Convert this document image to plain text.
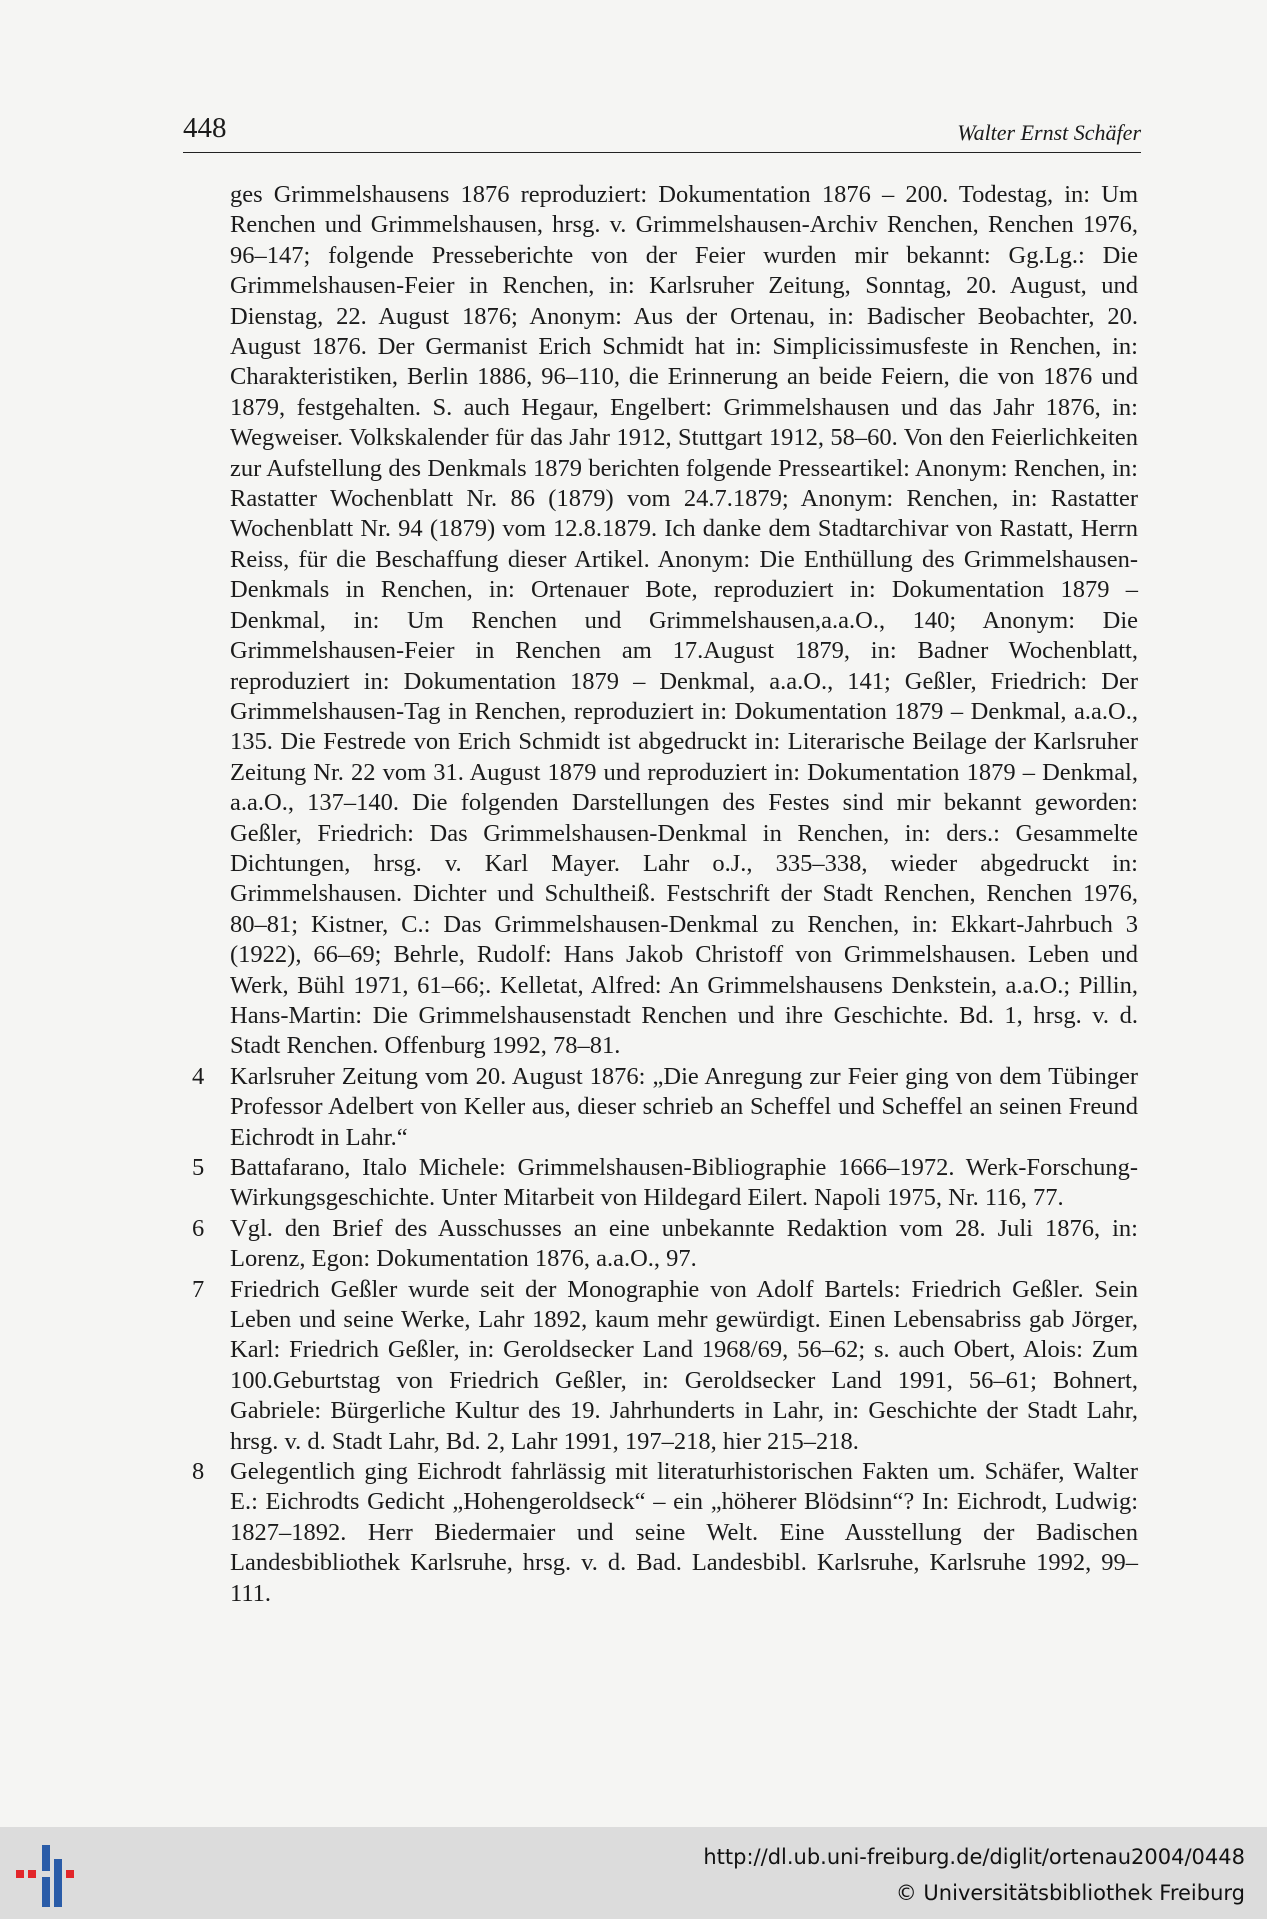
448	Walter Ernst Schäfer

ges Grimmelshausens 1876 reproduziert: Dokumentation 1876 – 200. Todestag, in: Um Renchen und Grimmelshausen, hrsg. v. Grimmelshausen-Archiv Renchen, Renchen 1976, 96–147; folgende Presseberichte von der Feier wurden mir bekannt: Gg.Lg.: Die Grimmelshausen-Feier in Renchen, in: Karlsruher Zeitung, Sonntag, 20. August, und Dienstag, 22. August 1876; Anonym: Aus der Ortenau, in: Badischer Beobachter, 20. August 1876. Der Germanist Erich Schmidt hat in: Simplicissimusfeste in Renchen, in: Charakteristiken, Berlin 1886, 96–110, die Erinnerung an beide Feiern, die von 1876 und 1879, festgehalten. S. auch Hegaur, Engelbert: Grimmelshausen und das Jahr 1876, in: Wegweiser. Volkskalender für das Jahr 1912, Stuttgart 1912, 58–60. Von den Feierlichkeiten zur Aufstellung des Denkmals 1879 berichten folgende Presseartikel: Anonym: Renchen, in: Rastatter Wochenblatt Nr. 86 (1879) vom 24.7.1879; Anonym: Renchen, in: Rastatter Wochenblatt Nr. 94 (1879) vom 12.8.1879. Ich danke dem Stadtarchivar von Rastatt, Herrn Reiss, für die Beschaffung dieser Artikel. Anonym: Die Enthüllung des Grimmelshausen-Denkmals in Renchen, in: Ortenauer Bote, reproduziert in: Dokumentation 1879 – Denkmal, in: Um Renchen und Grimmelshausen,a.a.O., 140; Anonym: Die Grimmelshausen-Feier in Renchen am 17.August 1879, in: Badner Wochenblatt, reproduziert in: Dokumentation 1879 – Denkmal, a.a.O., 141; Geßler, Friedrich: Der Grimmelshausen-Tag in Renchen, reproduziert in: Dokumentation 1879 – Denkmal, a.a.O., 135. Die Festrede von Erich Schmidt ist abgedruckt in: Literarische Beilage der Karlsruher Zeitung Nr. 22 vom 31. August 1879 und reproduziert in: Dokumentation 1879 – Denkmal, a.a.O., 137–140. Die folgenden Darstellungen des Festes sind mir bekannt geworden: Geßler, Friedrich: Das Grimmelshausen-Denkmal in Renchen, in: ders.: Gesammelte Dichtungen, hrsg. v. Karl Mayer. Lahr o.J., 335–338, wieder abgedruckt in: Grimmelshausen. Dichter und Schultheiß. Festschrift der Stadt Renchen, Renchen 1976, 80–81; Kistner, C.: Das Grimmelshausen-Denkmal zu Renchen, in: Ekkart-Jahrbuch 3 (1922), 66–69; Behrle, Rudolf: Hans Jakob Christoff von Grimmelshausen. Leben und Werk, Bühl 1971, 61–66;. Kelletat, Alfred: An Grimmelshausens Denkstein, a.a.O.; Pillin, Hans-Martin: Die Grimmelshausenstadt Renchen und ihre Geschichte. Bd. 1, hrsg. v. d. Stadt Renchen. Offenburg 1992, 78–81.

4 Karlsruher Zeitung vom 20. August 1876: „Die Anregung zur Feier ging von dem Tübinger Professor Adelbert von Keller aus, dieser schrieb an Scheffel und Scheffel an seinen Freund Eichrodt in Lahr.“
5 Battafarano, Italo Michele: Grimmelshausen-Bibliographie 1666–1972. Werk-Forschung-Wirkungsgeschichte. Unter Mitarbeit von Hildegard Eilert. Napoli 1975, Nr. 116, 77.
6 Vgl. den Brief des Ausschusses an eine unbekannte Redaktion vom 28. Juli 1876, in: Lorenz, Egon: Dokumentation 1876, a.a.O., 97.
7 Friedrich Geßler wurde seit der Monographie von Adolf Bartels: Friedrich Geßler. Sein Leben und seine Werke, Lahr 1892, kaum mehr gewürdigt. Einen Lebensabriss gab Jörger, Karl: Friedrich Geßler, in: Geroldsecker Land 1968/69, 56–62; s. auch Obert, Alois: Zum 100.Geburtstag von Friedrich Geßler, in: Geroldsecker Land 1991, 56–61; Bohnert, Gabriele: Bürgerliche Kultur des 19. Jahrhunderts in Lahr, in: Geschichte der Stadt Lahr, hrsg. v. d. Stadt Lahr, Bd. 2, Lahr 1991, 197–218, hier 215–218.
8 Gelegentlich ging Eichrodt fahrlässig mit literaturhistorischen Fakten um. Schäfer, Walter E.: Eichrodts Gedicht „Hohengeroldseck“ – ein „höherer Blödsinn“? In: Eichrodt, Ludwig: 1827–1892. Herr Biedermaier und seine Welt. Eine Ausstellung der Badischen Landesbibliothek Karlsruhe, hrsg. v. d. Bad. Landesbibl. Karlsruhe, Karlsruhe 1992, 99–111.
http://dl.ub.uni-freiburg.de/diglit/ortenau2004/0448
© Universitätsbibliothek Freiburg
